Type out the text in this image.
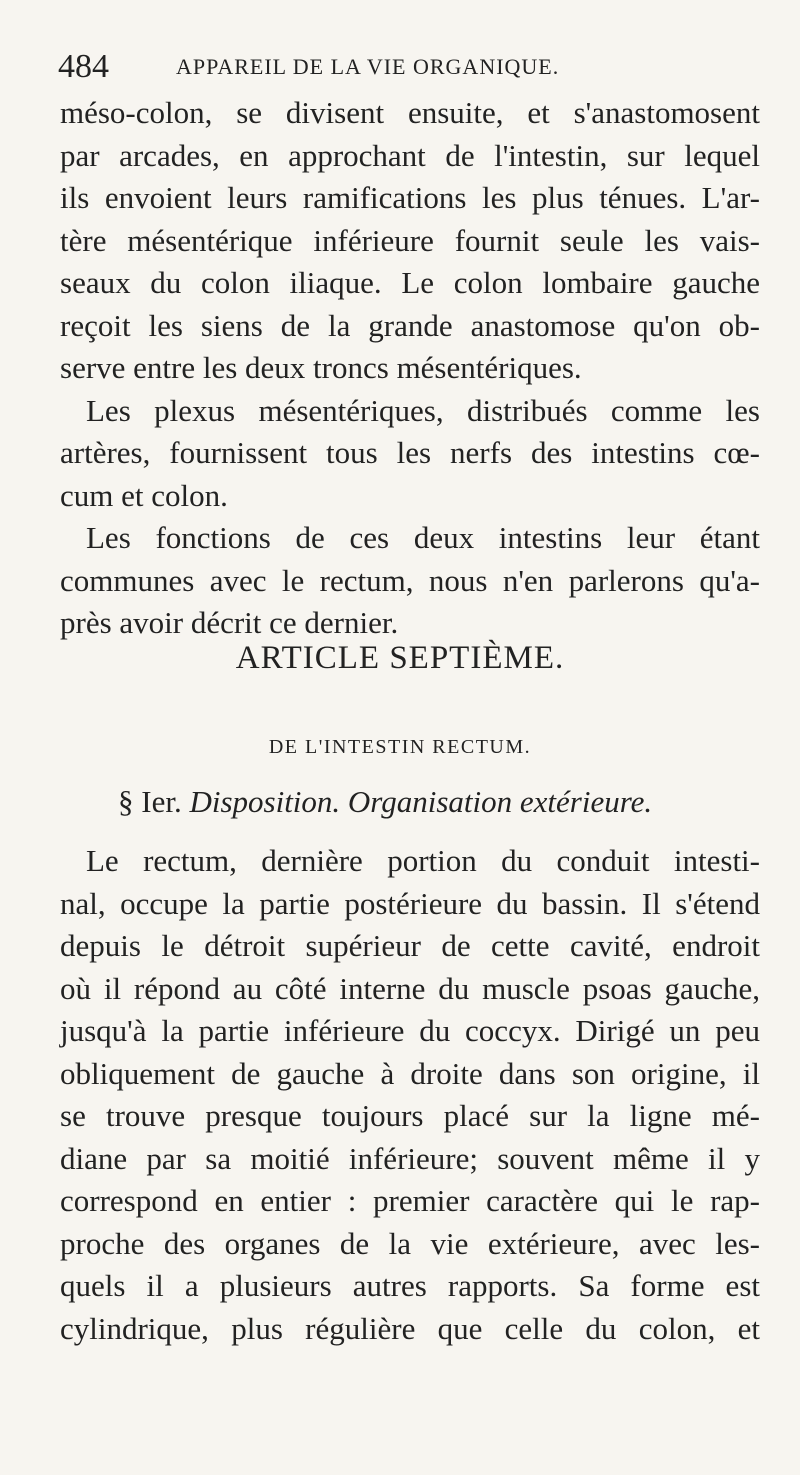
484	APPAREIL DE LA VIE ORGANIQUE.
méso-colon, se divisent ensuite, et s'anastomosent
par arcades, en approchant de l'intestin, sur lequel
ils envoient leurs ramifications les plus ténues. L'ar-
tère mésentérique inférieure fournit seule les vais-
seaux du colon iliaque. Le colon lombaire gauche
reçoit les siens de la grande anastomose qu'on ob-
serve entre les deux troncs mésentériques.
Les plexus mésentériques, distribués comme les
artères, fournissent tous les nerfs des intestins cœ-
cum et colon.
Les fonctions de ces deux intestins leur étant
communes avec le rectum, nous n'en parlerons qu'a-
près avoir décrit ce dernier.
ARTICLE SEPTIÈME.
DE L'INTESTIN RECTUM.
§ Ier. Disposition. Organisation extérieure.
Le rectum, dernière portion du conduit intesti-
nal, occupe la partie postérieure du bassin. Il s'étend
depuis le détroit supérieur de cette cavité, endroit
où il répond au côté interne du muscle psoas gauche,
jusqu'à la partie inférieure du coccyx. Dirigé un peu
obliquement de gauche à droite dans son origine, il
se trouve presque toujours placé sur la ligne mé-
diane par sa moitié inférieure; souvent même il y
correspond en entier : premier caractère qui le rap-
proche des organes de la vie extérieure, avec les-
quels il a plusieurs autres rapports. Sa forme est
cylindrique, plus régulière que celle du colon, et
